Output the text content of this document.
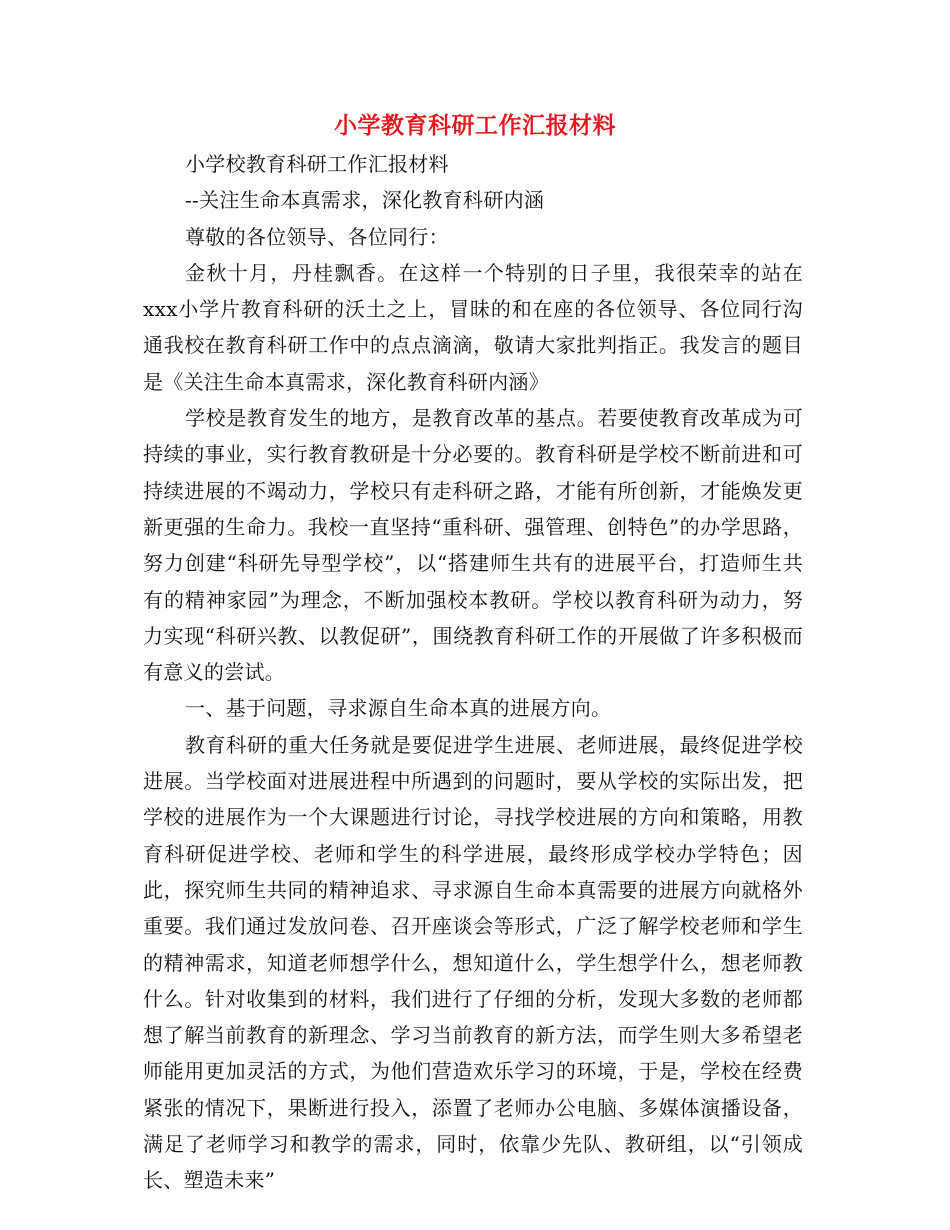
小学教育科研工作汇报材料

小学校教育科研工作汇报材料

--关注生命本真需求，深化教育科研内涵

尊敬的各位领导、各位同行：

金秋十月，丹桂飘香。在这样一个特别的日子里，我很荣幸的站在xxx小学片教育科研的沃土之上，冒昧的和在座的各位领导、各位同行沟通我校在教育科研工作中的点点滴滴，敬请大家批判指正。我发言的题目是《关注生命本真需求，深化教育科研内涵》

学校是教育发生的地方，是教育改革的基点。若要使教育改革成为可持续的事业，实行教育教研是十分必要的。教育科研是学校不断前进和可持续进展的不竭动力，学校只有走科研之路，才能有所创新，才能焕发更新更强的生命力。我校一直坚持“重科研、强管理、创特色”的办学思路，努力创建“科研先导型学校”，以“搭建师生共有的进展平台，打造师生共有的精神家园”为理念，不断加强校本教研。学校以教育科研为动力，努力实现“科研兴教、以教促研”，围绕教育科研工作的开展做了许多积极而有意义的尝试。

一、基于问题，寻求源自生命本真的进展方向。

教育科研的重大任务就是要促进学生进展、老师进展，最终促进学校进展。当学校面对进展进程中所遇到的问题时，要从学校的实际出发，把学校的进展作为一个大课题进行讨论，寻找学校进展的方向和策略，用教育科研促进学校、老师和学生的科学进展，最终形成学校办学特色；因此，探究师生共同的精神追求、寻求源自生命本真需要的进展方向就格外重要。我们通过发放问卷、召开座谈会等形式，广泛了解学校老师和学生的精神需求，知道老师想学什么，想知道什么，学生想学什么，想老师教什么。针对收集到的材料，我们进行了仔细的分析，发现大多数的老师都想了解当前教育的新理念、学习当前教育的新方法，而学生则大多希望老师能用更加灵活的方式，为他们营造欢乐学习的环境，于是，学校在经费紧张的情况下，果断进行投入，添置了老师办公电脑、多媒体演播设备，满足了老师学习和教学的需求，同时，依靠少先队、教研组，以“引领成长、塑造未来”
